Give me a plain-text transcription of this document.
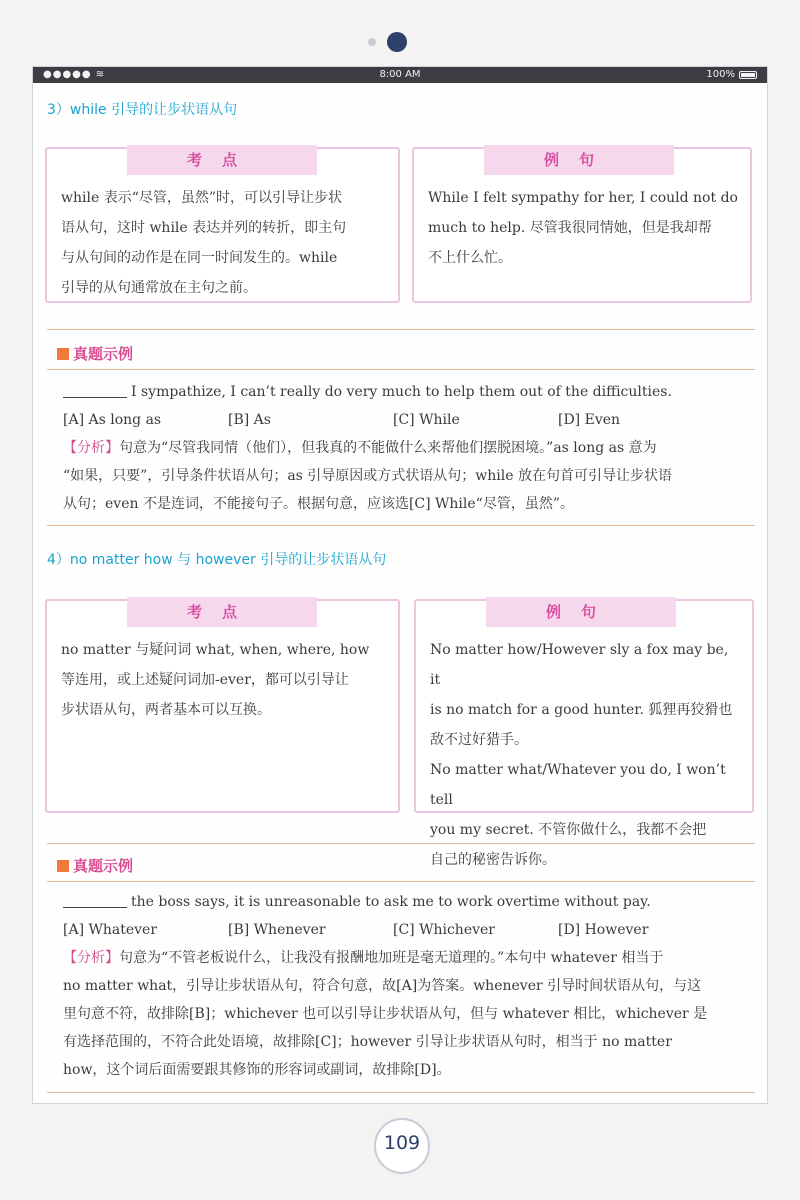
●●●●● ≋	8:00 AM	100%
3）while 引导的让步状语从句
考点

while 表示“尽管，虽然”时，可以引导让步状

语从句，这时 while 表达并列的转折，即主句

与从句间的动作是在同一时间发生的。while

引导的从句通常放在主句之前。

例句

While I felt sympathy for her, I could not do

much to help. 尽管我很同情她，但是我却帮

不上什么忙。

真题示例
I sympathize, I can’t really do very much to help them out of the difficulties.
[A] As long as	[B] As	[C] While	[D] Even
【分析】句意为“尽管我同情（他们），但我真的不能做什么来帮他们摆脱困境。”as long as 意为
“如果，只要”，引导条件状语从句；as 引导原因或方式状语从句；while 放在句首可引导让步状语
从句；even 不是连词，不能接句子。根据句意，应该选[C] While“尽管，虽然”。
4）no matter how 与 however 引导的让步状语从句
考点

no matter 与疑问词 what, when, where, how

等连用，或上述疑问词加-ever，都可以引导让

步状语从句，两者基本可以互换。

例句

No matter how/However sly a fox may be, it

is no match for a good hunter. 狐狸再狡猾也

敌不过好猎手。

No matter what/Whatever you do, I won’t tell

you my secret. 不管你做什么，我都不会把

自己的秘密告诉你。

真题示例
the boss says, it is unreasonable to ask me to work overtime without pay.
[A] Whatever	[B] Whenever	[C] Whichever	[D] However
【分析】句意为“不管老板说什么，让我没有报酬地加班是毫无道理的。”本句中 whatever 相当于
no matter what，引导让步状语从句，符合句意，故[A]为答案。whenever 引导时间状语从句，与这
里句意不符，故排除[B]；whichever 也可以引导让步状语从句，但与 whatever 相比，whichever 是
有选择范围的，不符合此处语境，故排除[C]；however 引导让步状语从句时，相当于 no matter
how，这个词后面需要跟其修饰的形容词或副词，故排除[D]。
109
